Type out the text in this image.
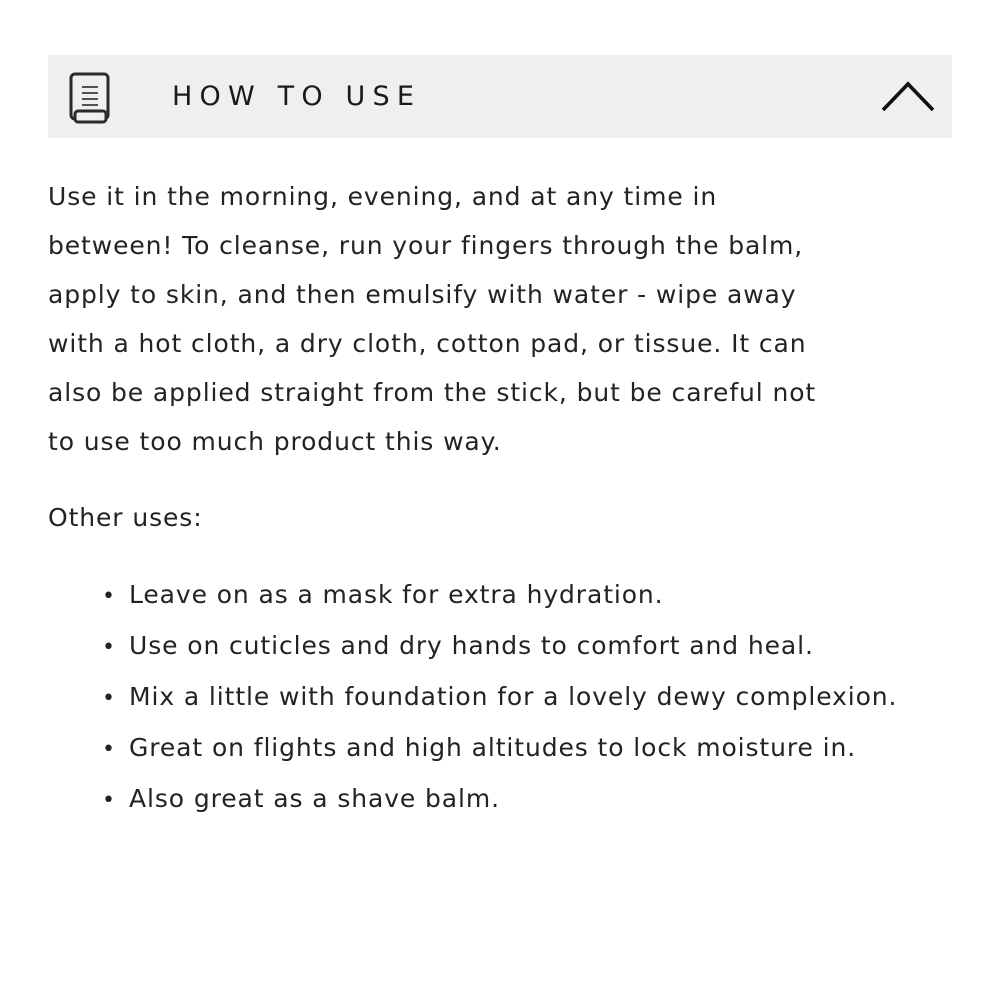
HOW TO USE

Use it in the morning, evening, and at any time in
between! To cleanse, run your fingers through the balm,
apply to skin, and then emulsify with water - wipe away
with a hot cloth, a dry cloth, cotton pad, or tissue. It can
also be applied straight from the stick, but be careful not
to use too much product this way.

Other uses:

• Leave on as a mask for extra hydration.
• Use on cuticles and dry hands to comfort and heal.
• Mix a little with foundation for a lovely dewy complexion.
• Great on flights and high altitudes to lock moisture in.
• Also great as a shave balm.
